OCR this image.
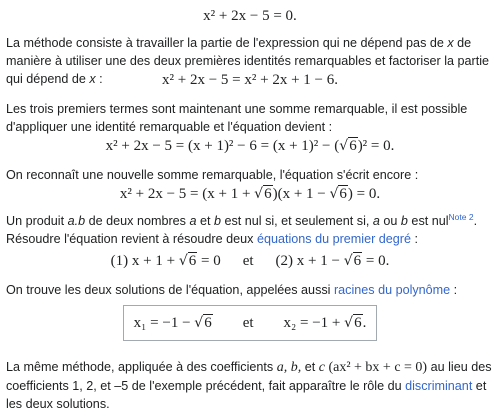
x² + 2x − 5 = 0.
La méthode consiste à travailler la partie de l'expression qui ne dépend pas de x de manière à utiliser une des deux premières identités remarquables et factoriser la partie qui dépend de x :	x² + 2x − 5 = x² + 2x + 1 − 6.
Les trois premiers termes sont maintenant une somme remarquable, il est possible d'appliquer une identité remarquable et l'équation devient :
x² + 2x − 5 = (x + 1)² − 6 = (x + 1)² − (√6)² = 0.
On reconnaît une nouvelle somme remarquable, l'équation s'écrit encore :
x² + 2x − 5 = (x + 1 + √6)(x + 1 − √6) = 0.
Un produit a.b de deux nombres a et b est nul si, et seulement si, a ou b est nul$^{Note 2}$. Résoudre l'équation revient à résoudre deux équations du premier degré :
(1) x + 1 + √6 = 0 et (2) x + 1 − √6 = 0.
On trouve les deux solutions de l'équation, appelées aussi racines du polynôme :
x₁ = −1 − √6 et x₂ = −1 + √6.
La même méthode, appliquée à des coefficients a, b, et c (ax² + bx + c = 0) au lieu des coefficients 1, 2, et –5 de l'exemple précédent, fait apparaître le rôle du discriminant et les deux solutions.
